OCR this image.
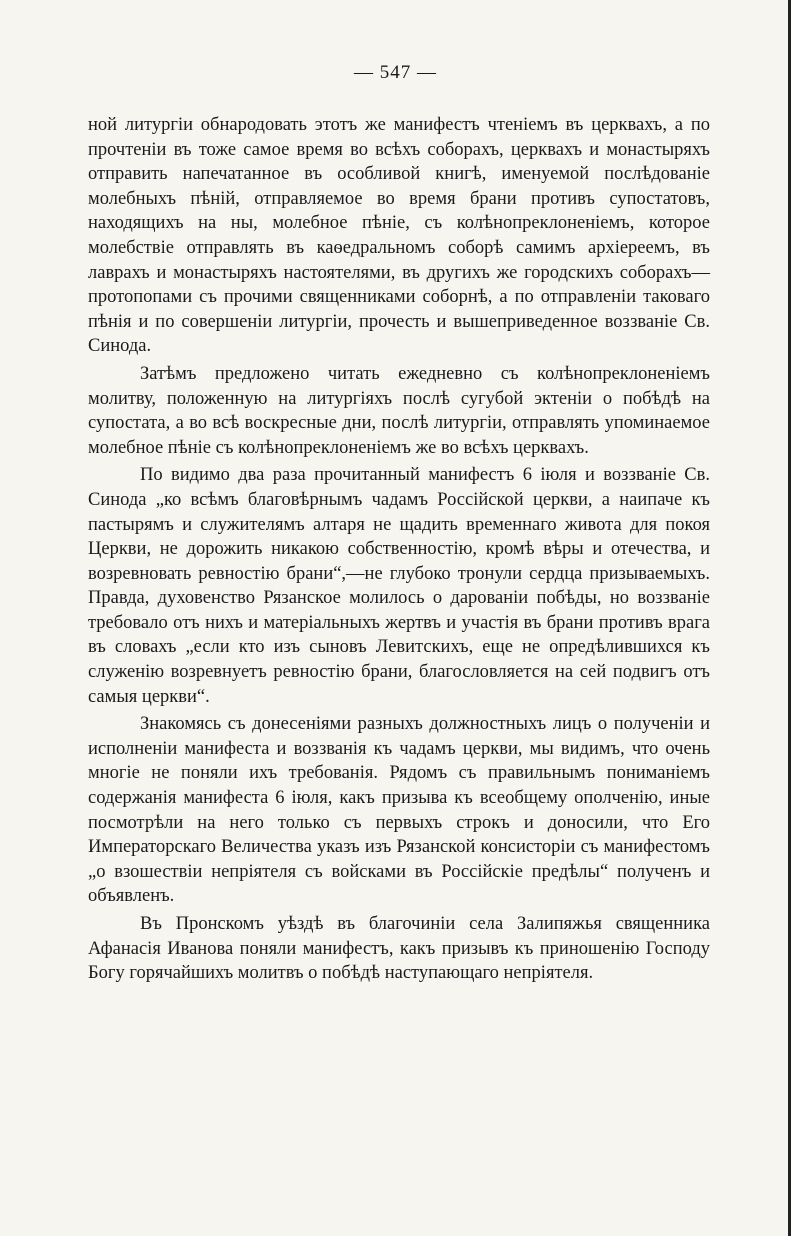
— 547 —

ной литургіи обнародовать этотъ же манифестъ чтеніемъ въ церквахъ, а по прочтеніи въ тоже самое время во всѣхъ соборахъ, церквахъ и монастыряхъ отправить напечатанное въ особливой книгѣ, именуемой послѣдованіе молебныхъ пѣній, отправляемое во время брани противъ супостатовъ, находящихъ на ны, молебное пѣніе, съ колѣнопреклоненіемъ, которое молебствіе отправлять въ каѳедральномъ соборѣ самимъ архіереемъ, въ лаврахъ и монастыряхъ настоятелями, въ другихъ же городскихъ соборахъ— протопопами съ прочими священниками соборнѣ, а по отправленіи таковаго пѣнія и по совершеніи литургіи, прочесть и вышеприведенное воззваніе Св. Синода.

Затѣмъ предложено читать ежедневно съ колѣнопреклоненіемъ молитву, положенную на литургіяхъ послѣ сугубой эктеніи о побѣдѣ на супостата, а во всѣ воскресные дни, послѣ литургіи, отправлять упоминаемое молебное пѣніе съ колѣнопреклоненіемъ же во всѣхъ церквахъ.

По видимо два раза прочитанный манифестъ 6 іюля и воззваніе Св. Синода „ко всѣмъ благовѣрнымъ чадамъ Россійской церкви, а наипаче къ пастырямъ и служителямъ алтаря не щадить временнаго живота для покоя Церкви, не дорожить никакою собственностію, кромѣ вѣры и отечества, и возревновать ревностію брани“,—не глубоко тронули сердца призываемыхъ. Правда, духовенство Рязанское молилось о дарованіи побѣды, но воззваніе требовало отъ нихъ и матеріальныхъ жертвъ и участія въ брани противъ врага въ словахъ „если кто изъ сыновъ Левитскихъ, еще не опредѣлившихся къ служенію возревнуетъ ревностію брани, благословляется на сей подвигъ отъ самыя церкви“.

Знакомясь съ донесеніями разныхъ должностныхъ лицъ о полученіи и исполненіи манифеста и воззванія къ чадамъ церкви, мы видимъ, что очень многіе не поняли ихъ требованія. Рядомъ съ правильнымъ пониманіемъ содержанія манифеста 6 іюля, какъ призыва къ всеобщему ополченію, иные посмотрѣли на него только съ первыхъ строкъ и доносили, что Его Императорскаго Величества указъ изъ Рязанской консисторіи съ манифестомъ „о взошествіи непріятеля съ войсками въ Россійскіе предѣлы“ полученъ и объявленъ.

Въ Пронскомъ уѣздѣ въ благочиніи села Залипяжья священника Афанасія Иванова поняли манифестъ, какъ призывъ къ приношенію Господу Богу горячайшихъ молитвъ о побѣдѣ наступающаго непріятеля.
